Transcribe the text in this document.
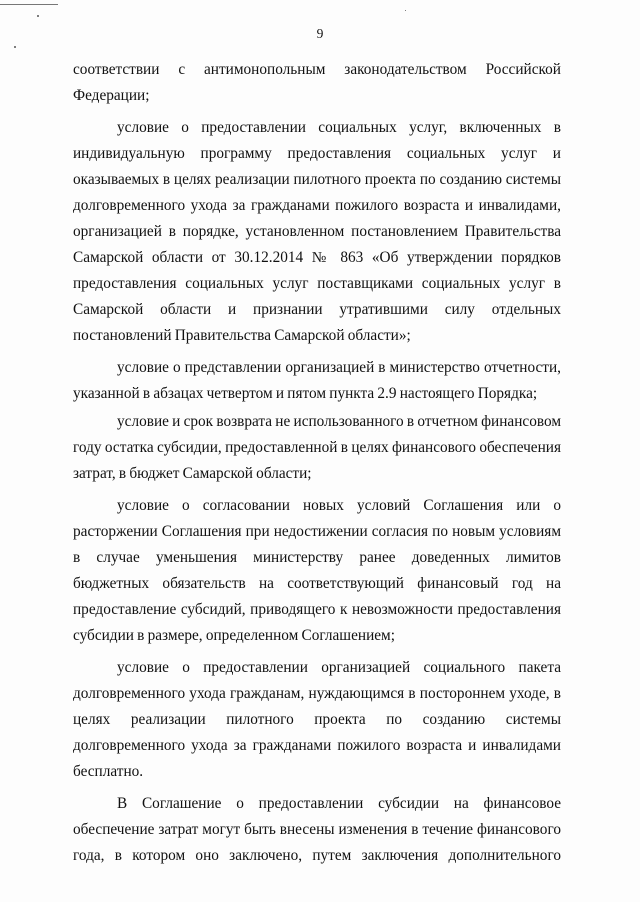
9

соответствии с антимонопольным законодательством Российской

Федерации;

условие о предоставлении социальных услуг, включенных в

индивидуальную программу предоставления социальных услуг и

оказываемых в целях реализации пилотного проекта по созданию системы

долговременного ухода за гражданами пожилого возраста и инвалидами,

организацией в порядке, установленном постановлением Правительства

Самарской области от 30.12.2014 № 863 «Об утверждении порядков

предоставления социальных услуг поставщиками социальных услуг в

Самарской области и признании утратившими силу отдельных

постановлений Правительства Самарской области»;

условие о представлении организацией в министерство отчетности,

указанной в абзацах четвертом и пятом пункта 2.9 настоящего Порядка;

условие и срок возврата не использованного в отчетном финансовом

году остатка субсидии, предоставленной в целях финансового обеспечения

затрат, в бюджет Самарской области;

условие о согласовании новых условий Соглашения или о

расторжении Соглашения при недостижении согласия по новым условиям

в случае уменьшения министерству ранее доведенных лимитов

бюджетных обязательств на соответствующий финансовый год на

предоставление субсидий, приводящего к невозможности предоставления

субсидии в размере, определенном Соглашением;

условие о предоставлении организацией социального пакета

долговременного ухода гражданам, нуждающимся в постороннем уходе, в

целях реализации пилотного проекта по созданию системы

долговременного ухода за гражданами пожилого возраста и инвалидами

бесплатно.

В Соглашение о предоставлении субсидии на финансовое

обеспечение затрат могут быть внесены изменения в течение финансового

года, в котором оно заключено, путем заключения дополнительного
